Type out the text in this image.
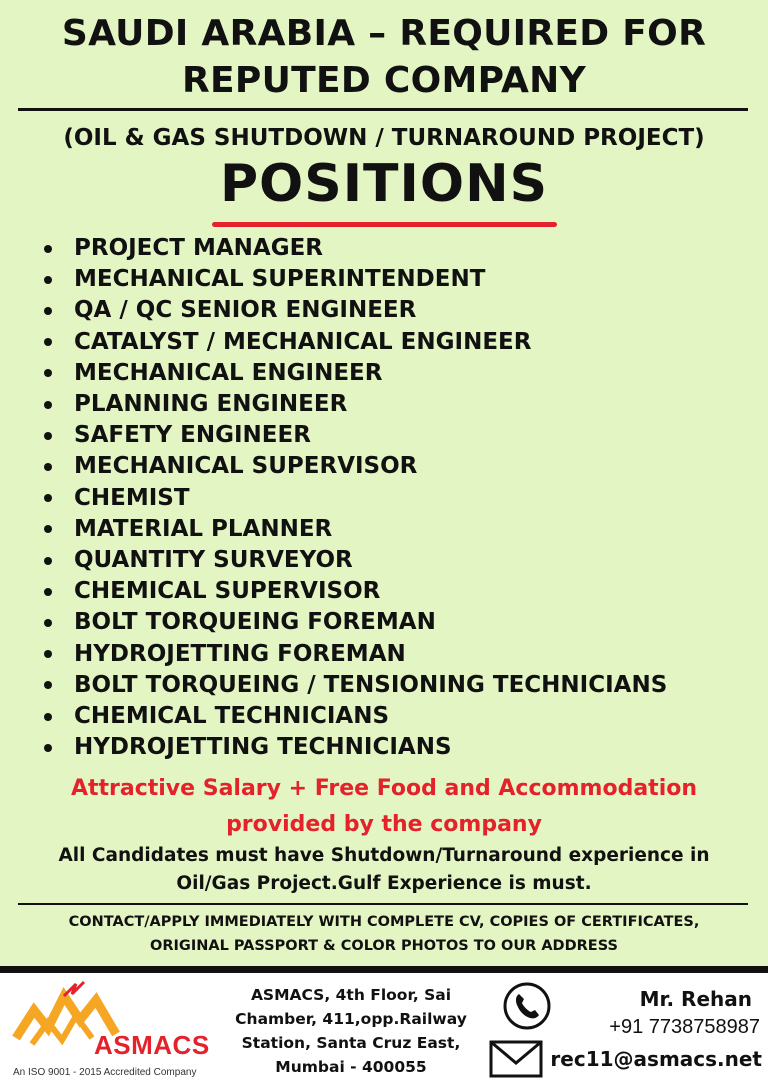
SAUDI ARABIA – REQUIRED FOR
REPUTED COMPANY
(OIL & GAS SHUTDOWN / TURNAROUND PROJECT)
POSITIONS
PROJECT MANAGER
MECHANICAL SUPERINTENDENT
QA / QC SENIOR ENGINEER
CATALYST / MECHANICAL ENGINEER
MECHANICAL ENGINEER
PLANNING ENGINEER
SAFETY ENGINEER
MECHANICAL SUPERVISOR
CHEMIST
MATERIAL PLANNER
QUANTITY SURVEYOR
CHEMICAL SUPERVISOR
BOLT TORQUEING FOREMAN
HYDROJETTING FOREMAN
BOLT TORQUEING / TENSIONING TECHNICIANS
CHEMICAL TECHNICIANS
HYDROJETTING TECHNICIANS
Attractive Salary + Free Food and Accommodation
provided by the company
All Candidates must have Shutdown/Turnaround experience in
Oil/Gas Project.Gulf Experience is must.
CONTACT/APPLY IMMEDIATELY WITH COMPLETE CV, COPIES OF CERTIFICATES,
ORIGINAL PASSPORT & COLOR PHOTOS TO OUR ADDRESS
ASMACS
An ISO 9001 - 2015 Accredited Company
ASMACS, 4th Floor, Sai
Chamber, 411,opp.Railway
Station, Santa Cruz East,
Mumbai - 400055
Mr. Rehan
+91 7738758987
rec11@asmacs.net
